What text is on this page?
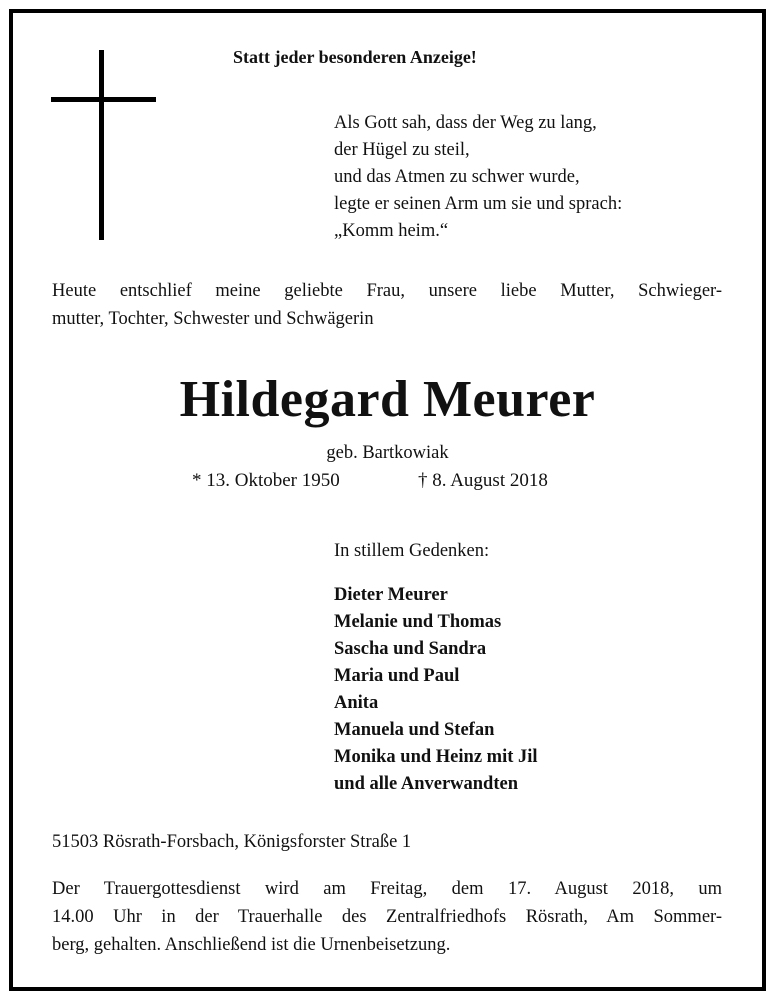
Statt jeder besonderen Anzeige!
Als Gott sah, dass der Weg zu lang,
der Hügel zu steil,
und das Atmen zu schwer wurde,
legte er seinen Arm um sie und sprach:
„Komm heim.“
Heute entschlief meine geliebte Frau, unsere liebe Mutter, Schwieger-
mutter, Tochter, Schwester und Schwägerin
Hildegard Meurer
geb. Bartkowiak
* 13. Oktober 1950	† 8. August 2018
In stillem Gedenken:
Dieter Meurer
Melanie und Thomas
Sascha und Sandra
Maria und Paul
Anita
Manuela und Stefan
Monika und Heinz mit Jil
und alle Anverwandten
51503 Rösrath-Forsbach, Königsforster Straße 1
Der Trauergottesdienst wird am Freitag, dem 17. August 2018, um
14.00 Uhr in der Trauerhalle des Zentralfriedhofs Rösrath, Am Sommer-
berg, gehalten. Anschließend ist die Urnenbeisetzung.
